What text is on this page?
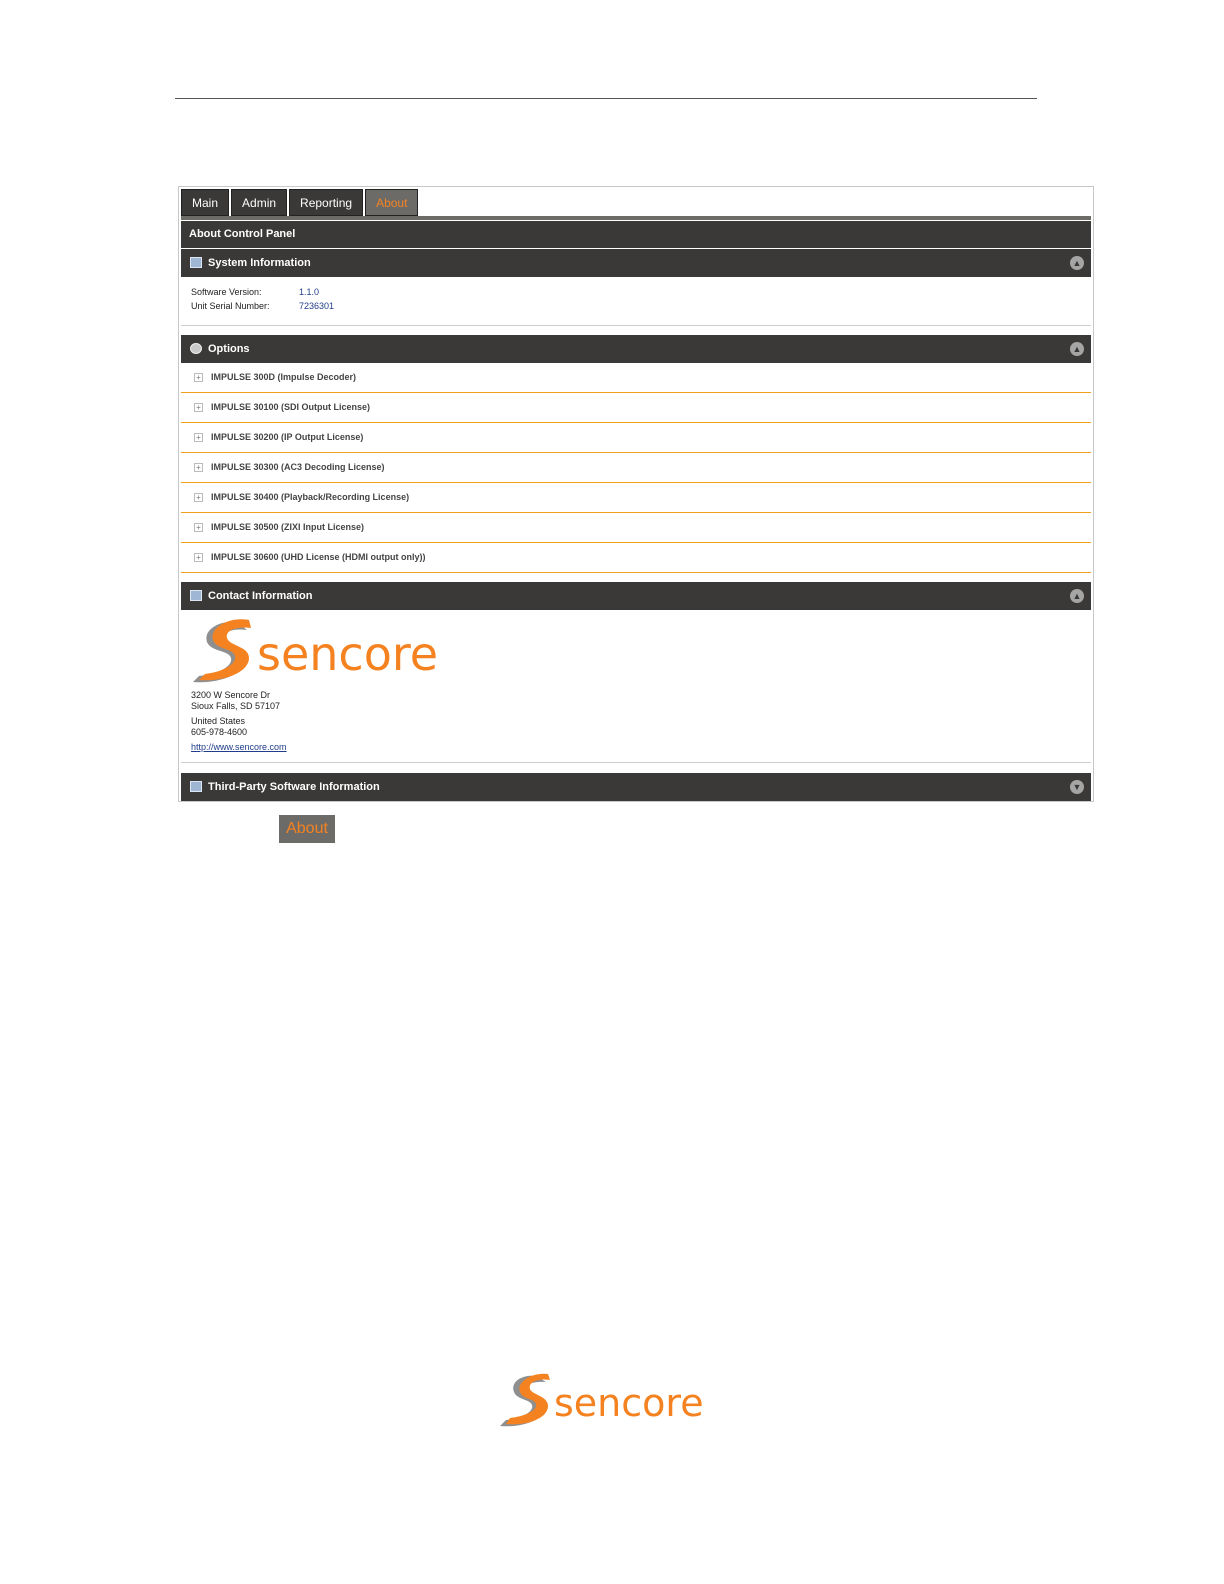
Main	Admin	Reporting	About
About Control Panel
System Information	▲
Software Version:	1.1.0
Unit Serial Number:	7236301
Options	▲
+ IMPULSE 300D (Impulse Decoder)
+ IMPULSE 30100 (SDI Output License)
+ IMPULSE 30200 (IP Output License)
+ IMPULSE 30300 (AC3 Decoding License)
+ IMPULSE 30400 (Playback/Recording License)
+ IMPULSE 30500 (ZIXI Input License)
+ IMPULSE 30600 (UHD License (HDMI output only))
Contact Information	▲
sencore
3200 W Sencore Dr
Sioux Falls, SD 57107
United States
605-978-4600
http://www.sencore.com
Third-Party Software Information	▼
About
sencore
